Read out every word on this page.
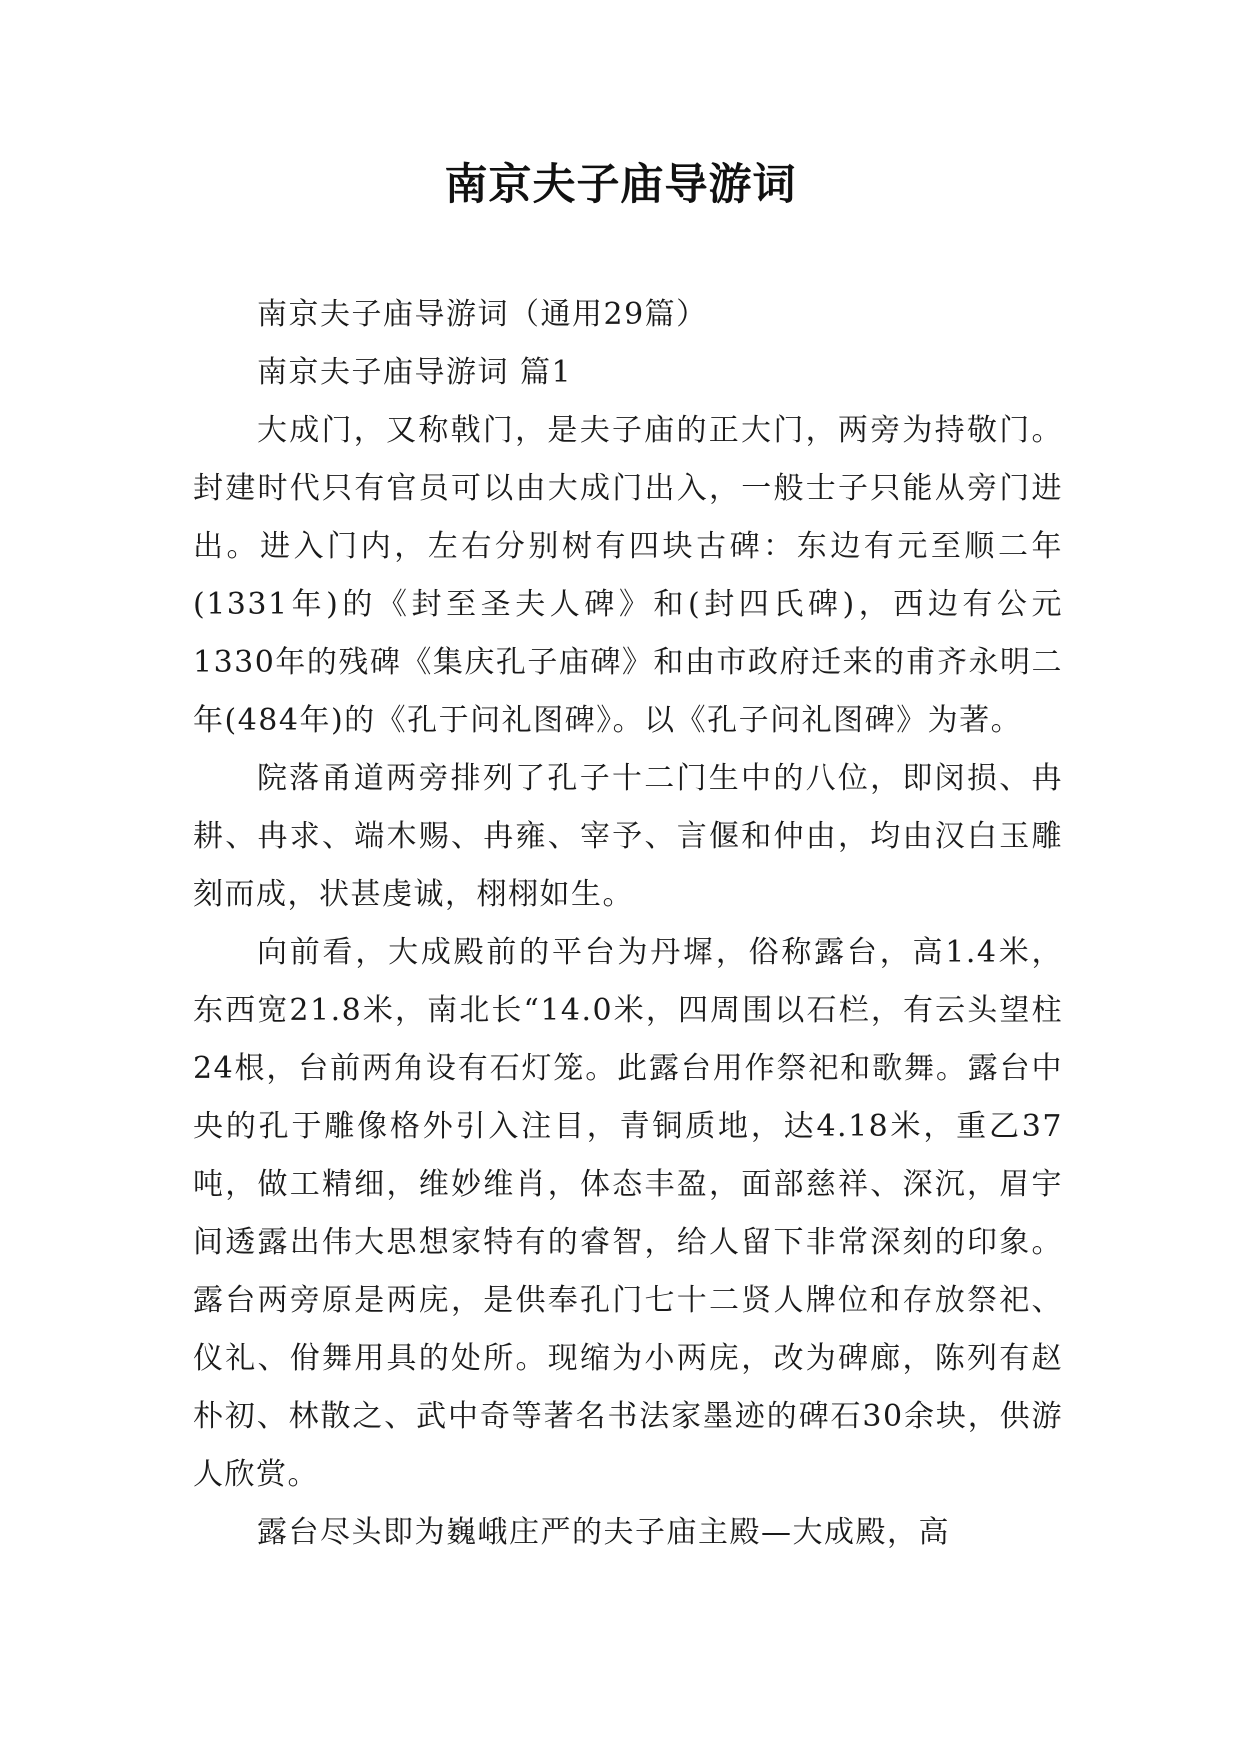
南京夫子庙导游词

南京夫子庙导游词（通用29篇）

南京夫子庙导游词 篇1

大成门，又称戟门，是夫子庙的正大门，两旁为持敬门。封建时代只有官员可以由大成门出入，一般士子只能从旁门进出。进入门内，左右分别树有四块古碑：东边有元至顺二年(1331年)的《封至圣夫人碑》和(封四氏碑)，西边有公元1330年的残碑《集庆孔子庙碑》和由市政府迁来的甫齐永明二年(484年)的《孔于问礼图碑》。以《孔子问礼图碑》为著。

院落甬道两旁排列了孔子十二门生中的八位，即闵损、冉耕、冉求、端木赐、冉雍、宰予、言偃和仲由，均由汉白玉雕刻而成，状甚虔诚，栩栩如生。

向前看，大成殿前的平台为丹墀，俗称露台，高1.4米，东西宽21.8米，南北长“14.0米，四周围以石栏，有云头望柱24根，台前两角设有石灯笼。此露台用作祭祀和歌舞。露台中央的孔于雕像格外引入注目，青铜质地，达4.18米，重乙37吨，做工精细，维妙维肖，体态丰盈，面部慈祥、深沉，眉宇间透露出伟大思想家特有的睿智，给人留下非常深刻的印象。露台两旁原是两庑，是供奉孔门七十二贤人牌位和存放祭祀、仪礼、佾舞用具的处所。现缩为小两庑，改为碑廊，陈列有赵朴初、林散之、武中奇等著名书法家墨迹的碑石30余块，供游人欣赏。

露台尽头即为巍峨庄严的夫子庙主殿—大成殿，高
